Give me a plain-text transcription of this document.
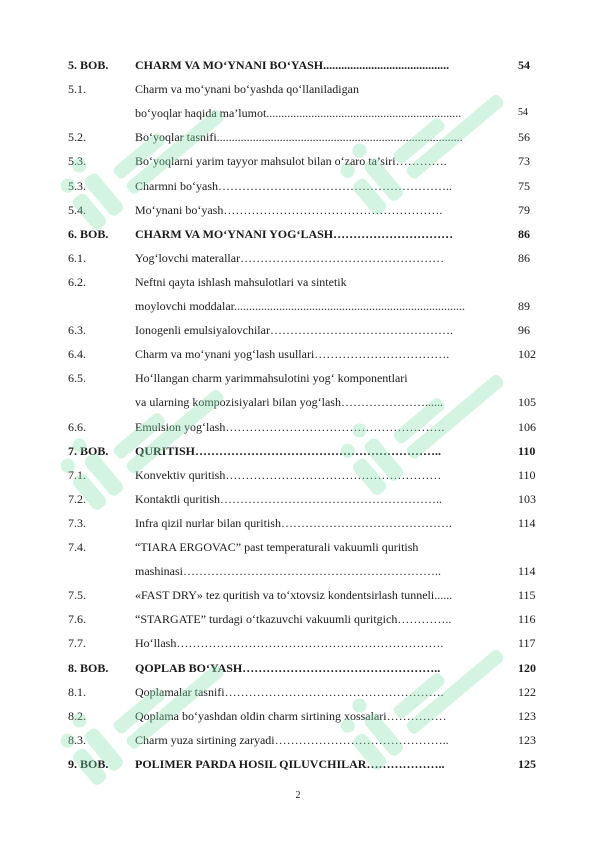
5. BOB. CHARM VA MO‘YNANI BO‘YASH..........................................	54
5.1.	Charm va mo‘ynani bo‘yashda qo‘llaniladigan
bo‘yoqlar haqida ma’lumot.................................................................	54
5.2.	Bo‘yoqlar tasnifi..................................................................................	56
5.3.	Bo‘yoqlarni yarim tayyor mahsulot bilan o‘zaro ta’siri………….	73
5.3.	Charmni bo‘yash…………………………………………………..	75
5.4.	Mo‘ynani bo‘yash……………………………………………….	79
6. BOB. CHARM VA MO‘YNANI YOG‘LASH…………………………	86
6.1.	Yog‘lovchi materallar……………………………………………	86
6.2.	Neftni qayta ishlash mahsulotlari va sintetik
moylovchi moddalar.............................................................................	89
6.3.	Ionogenli emulsiyalovchilar……………………………………….	96
6.4.	Charm va mo‘ynani yog‘lash usullari…………………………….	102
6.5.	Ho‘llangan charm yarimmahsulotini yog‘ komponentlari
va ularning kompozisiyalari bilan yog‘lash…………………......	105
6.6.	Emulsion yog‘lash……………………………………………….	106
7. BOB. QURITISH……………………………………………………..	110
7.1.	Konvektiv quritish………………………………………………	110
7.2.	Kontaktli quritish………………………………………………..	103
7.3.	Infra qizil nurlar bilan quritish…………………………………….	114
7.4.	“TIARA ERGOVAC” past temperaturali vakuumli quritish
mashinasi………………………………………………………..	114
7.5.	«FAST DRY» tez quritish va to‘xtovsiz kondentsirlash tunneli......	115
7.6.	“STARGATE” turdagi o‘tkazuvchi vakuumli quritgich…………..	116
7.7.	Ho‘llash………………………………………………………….	117
8. BOB. QOPLAB BO‘YASH…………………………………………..	120
8.1.	Qoplamalar tasnifi……………………………………………….	122
8.2.	Qoplama bo‘yashdan oldin charm sirtining xossalari……………	123
8.3.	Charm yuza sirtining zaryadi……………………………………..	123
9. BOB. POLIMER PARDA HOSIL QILUVCHILAR………………..	125
2
